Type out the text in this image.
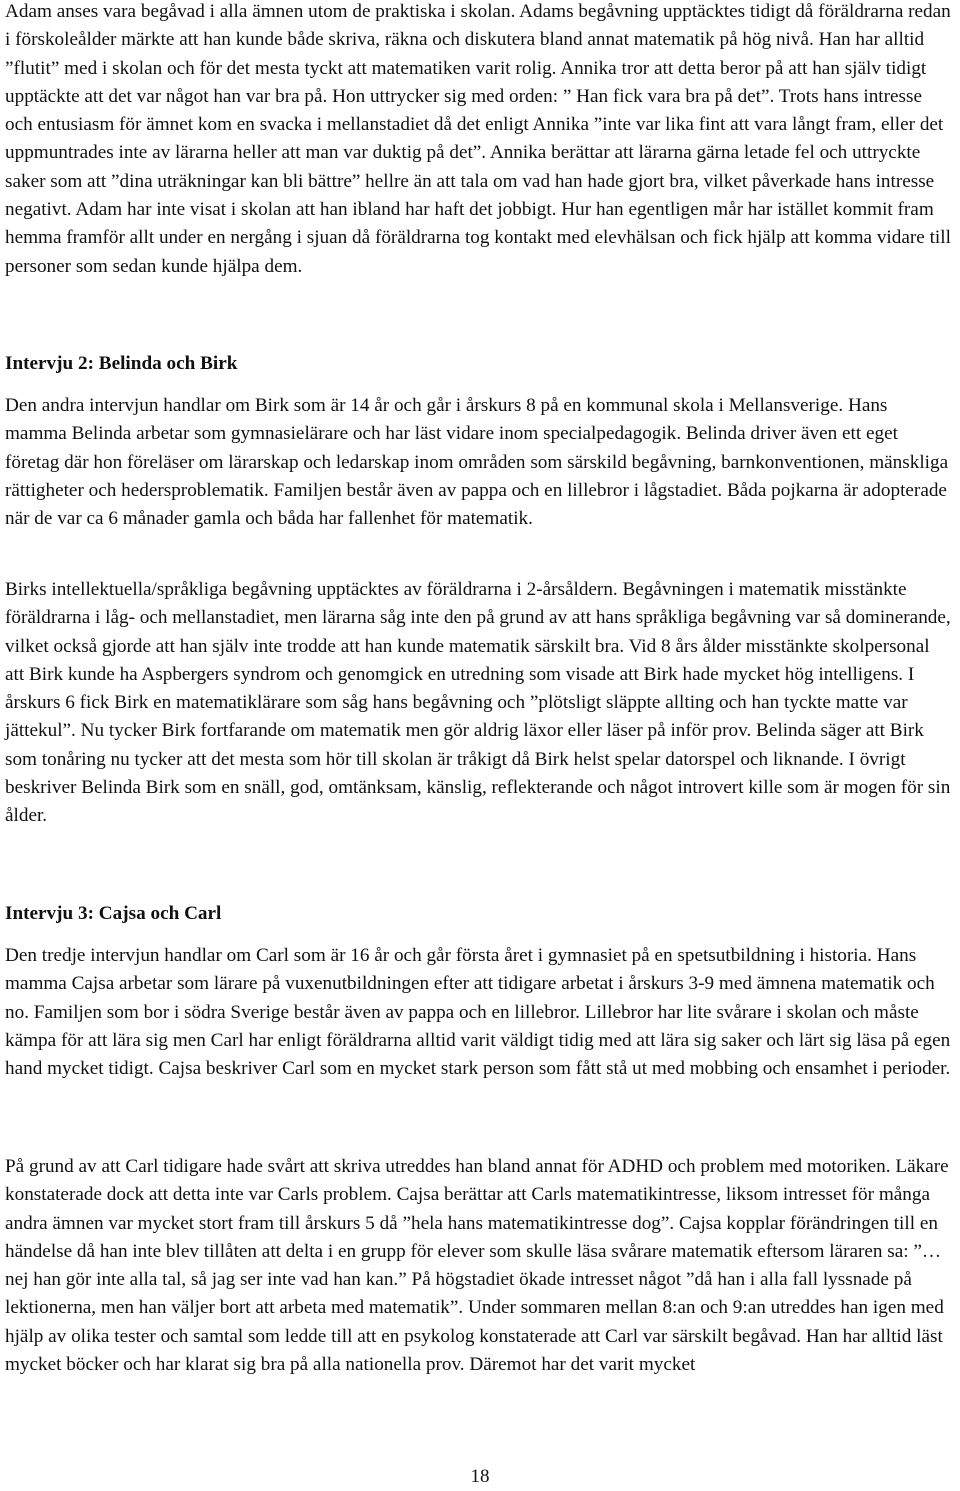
Adam anses vara begåvad i alla ämnen utom de praktiska i skolan. Adams begåvning upptäcktes tidigt då föräldrarna redan i förskoleålder märkte att han kunde både skriva, räkna och diskutera bland annat matematik på hög nivå. Han har alltid ”flutit” med i skolan och för det mesta tyckt att matematiken varit rolig. Annika tror att detta beror på att han själv tidigt upptäckte att det var något han var bra på. Hon uttrycker sig med orden: ” Han fick vara bra på det”. Trots hans intresse och entusiasm för ämnet kom en svacka i mellanstadiet då det enligt Annika ”inte var lika fint att vara långt fram, eller det uppmuntrades inte av lärarna heller att man var duktig på det”. Annika berättar att lärarna gärna letade fel och uttryckte saker som att ”dina uträkningar kan bli bättre” hellre än att tala om vad han hade gjort bra, vilket påverkade hans intresse negativt. Adam har inte visat i skolan att han ibland har haft det jobbigt. Hur han egentligen mår har istället kommit fram hemma framför allt under en nergång i sjuan då föräldrarna tog kontakt med elevhälsan och fick hjälp att komma vidare till personer som sedan kunde hjälpa dem.

Intervju 2: Belinda och Birk

Den andra intervjun handlar om Birk som är 14 år och går i årskurs 8 på en kommunal skola i Mellansverige. Hans mamma Belinda arbetar som gymnasielärare och har läst vidare inom specialpedagogik. Belinda driver även ett eget företag där hon föreläser om lärarskap och ledarskap inom områden som särskild begåvning, barnkonventionen, mänskliga rättigheter och hedersproblematik. Familjen består även av pappa och en lillebror i lågstadiet. Båda pojkarna är adopterade när de var ca 6 månader gamla och båda har fallenhet för matematik.

Birks intellektuella/språkliga begåvning upptäcktes av föräldrarna i 2-årsåldern. Begåvningen i matematik misstänkte föräldrarna i låg- och mellanstadiet, men lärarna såg inte den på grund av att hans språkliga begåvning var så dominerande, vilket också gjorde att han själv inte trodde att han kunde matematik särskilt bra. Vid 8 års ålder misstänkte skolpersonal att Birk kunde ha Aspbergers syndrom och genomgick en utredning som visade att Birk hade mycket hög intelligens. I årskurs 6 fick Birk en matematiklärare som såg hans begåvning och ”plötsligt släppte allting och han tyckte matte var jättekul”. Nu tycker Birk fortfarande om matematik men gör aldrig läxor eller läser på inför prov. Belinda säger att Birk som tonåring nu tycker att det mesta som hör till skolan är tråkigt då Birk helst spelar datorspel och liknande. I övrigt beskriver Belinda Birk som en snäll, god, omtänksam, känslig, reflekterande och något introvert kille som är mogen för sin ålder.

Intervju 3: Cajsa och Carl

Den tredje intervjun handlar om Carl som är 16 år och går första året i gymnasiet på en spetsutbildning i historia. Hans mamma Cajsa arbetar som lärare på vuxenutbildningen efter att tidigare arbetat i årskurs 3-9 med ämnena matematik och no. Familjen som bor i södra Sverige består även av pappa och en lillebror. Lillebror har lite svårare i skolan och måste kämpa för att lära sig men Carl har enligt föräldrarna alltid varit väldigt tidig med att lära sig saker och lärt sig läsa på egen hand mycket tidigt. Cajsa beskriver Carl som en mycket stark person som fått stå ut med mobbing och ensamhet i perioder.

På grund av att Carl tidigare hade svårt att skriva utreddes han bland annat för ADHD och problem med motoriken. Läkare konstaterade dock att detta inte var Carls problem. Cajsa berättar att Carls matematikintresse, liksom intresset för många andra ämnen var mycket stort fram till årskurs 5 då ”hela hans matematikintresse dog”. Cajsa kopplar förändringen till en händelse då han inte blev tillåten att delta i en grupp för elever som skulle läsa svårare matematik eftersom läraren sa: ”… nej han gör inte alla tal, så jag ser inte vad han kan.” På högstadiet ökade intresset något ”då han i alla fall lyssnade på lektionerna, men han väljer bort att arbeta med matematik”. Under sommaren mellan 8:an och 9:an utreddes han igen med hjälp av olika tester och samtal som ledde till att en psykolog konstaterade att Carl var särskilt begåvad. Han har alltid läst mycket böcker och har klarat sig bra på alla nationella prov. Däremot har det varit mycket

18
